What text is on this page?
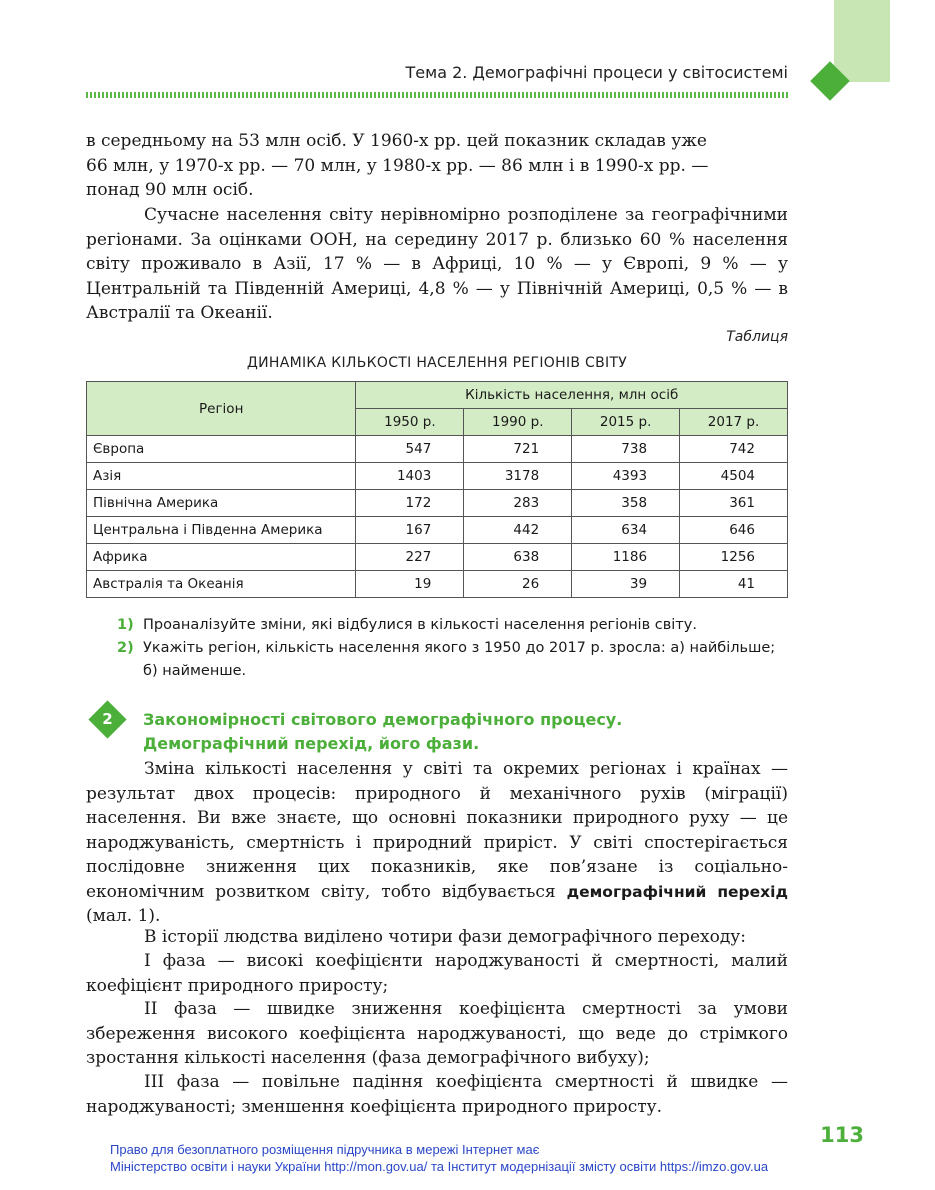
Тема 2. Демографічні процеси у світосистемі

в середньому на 53 млн осіб. У 1960-х рр. цей показник складав уже
66 млн, у 1970-х рр. — 70 млн, у 1980-х рр. — 86 млн і в 1990-х рр. —
понад 90 млн осіб.

Сучасне населення світу нерівномірно розподілене за географічними регіонами. За оцінками ООН, на середину 2017 р. близько 60 % населення світу проживало в Азії, 17 % — в Африці, 10 % — у Європі, 9 % — у Центральній та Південній Америці, 4,8 % — у Північній Америці, 0,5 % — в Австралії та Океанії.

Таблиця
ДИНАМІКА КІЛЬКОСТІ НАСЕЛЕННЯ РЕГІОНІВ СВІТУ
Регіон	Кількість населення, млн осіб			
	1950 р.	1990 р.	2015 р.	2017 р.
Європа	547	721	738	742
Азія	1403	3178	4393	4504
Північна Америка	172	283	358	361
Центральна і Південна Америка	167	442	634	646
Африка	227	638	1186	1256
Австралія та Океанія	19	26	39	41
1) Проаналізуйте зміни, які відбулися в кількості населення регіонів світу.
2) Укажіть регіон, кількість населення якого з 1950 до 2017 р. зросла: а) найбільше; б) найменше.
2	Закономірності світового демографічного процесу.
Демографічний перехід, його фази.

Зміна кількості населення у світі та окремих регіонах і країнах — результат двох процесів: природного й механічного рухів (міграції) населення. Ви вже знаєте, що основні показники природного руху — це народжуваність, смертність і природний приріст. У світі спостерігається послідовне зниження цих показників, яке пов’язане із соціально-економічним розвитком світу, тобто відбувається демографічний перехід (мал. 1).

В історії людства виділено чотири фази демографічного переходу:

I фаза — високі коефіцієнти народжуваності й смертності, малий коефіцієнт природного приросту;

II фаза — швидке зниження коефіцієнта смертності за умови збереження високого коефіцієнта народжуваності, що веде до стрімкого зростання кількості населення (фаза демографічного вибуху);

III фаза — повільне падіння коефіцієнта смертності й швидке — народжуваності; зменшення коефіцієнта природного приросту.

113
Право для безоплатного розміщення підручника в мережі Інтернет має
Міністерство освіти і науки України http://mon.gov.ua/ та Інститут модернізації змісту освіти https://imzo.gov.ua
